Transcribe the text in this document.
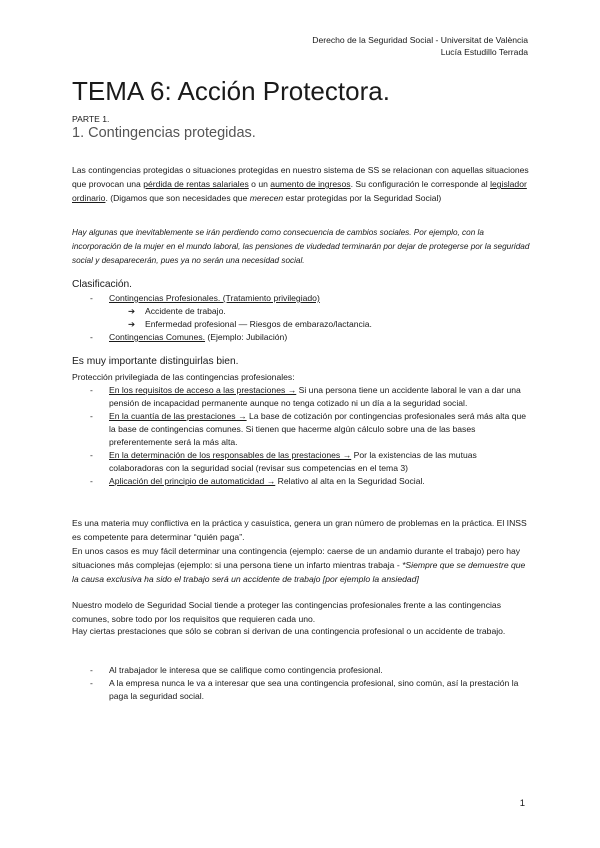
Derecho de la Seguridad Social - Universitat de València
Lucía Estudillo Terrada
TEMA 6: Acción Protectora.
PARTE 1.
1. Contingencias protegidas.

Las contingencias protegidas o situaciones protegidas en nuestro sistema de SS se relacionan con aquellas situaciones que provocan una pérdida de rentas salariales o un aumento de ingresos. Su configuración le corresponde al legislador ordinario. (Digamos que son necesidades que merecen estar protegidas por la Seguridad Social)

Hay algunas que inevitablemente se irán perdiendo como consecuencia de cambios sociales. Por ejemplo, con la incorporación de la mujer en el mundo laboral, las pensiones de viudedad terminarán por dejar de protegerse por la seguridad social y desaparecerán, pues ya no serán una necesidad social.

Clasificación.
- Contingencias Profesionales. (Tratamiento privilegiado)
➔ Accidente de trabajo.
➔ Enfermedad profesional — Riesgos de embarazo/lactancia.
- Contingencias Comunes. (Ejemplo: Jubilación)
Es muy importante distinguirlas bien.

Protección privilegiada de las contingencias profesionales:

- En los requisitos de acceso a las prestaciones → Si una persona tiene un accidente laboral le van a dar una pensión de incapacidad permanente aunque no tenga cotizado ni un día a la seguridad social.
- En la cuantía de las prestaciones → La base de cotización por contingencias profesionales será más alta que la base de contingencias comunes. Si tienen que hacerme algún cálculo sobre una de las bases preferentemente será la más alta.
- En la determinación de los responsables de las prestaciones → Por la existencias de las mutuas colaboradoras con la seguridad social (revisar sus competencias en el tema 3)
- Aplicación del principio de automaticidad → Relativo al alta en la Seguridad Social.

Es una materia muy conflictiva en la práctica y casuística, genera un gran número de problemas en la práctica. El INSS es competente para determinar “quién paga”.

En unos casos es muy fácil determinar una contingencia (ejemplo: caerse de un andamio durante el trabajo) pero hay situaciones más complejas (ejemplo: si una persona tiene un infarto mientras trabaja - *Siempre que se demuestre que la causa exclusiva ha sido el trabajo será un accidente de trabajo [por ejemplo la ansiedad]

Nuestro modelo de Seguridad Social tiende a proteger las contingencias profesionales frente a las contingencias comunes, sobre todo por los requisitos que requieren cada uno.

Hay ciertas prestaciones que sólo se cobran si derivan de una contingencia profesional o un accidente de trabajo.

- Al trabajador le interesa que se califique como contingencia profesional.
- A la empresa nunca le va a interesar que sea una contingencia profesional, sino común, así la prestación la paga la seguridad social.
1
